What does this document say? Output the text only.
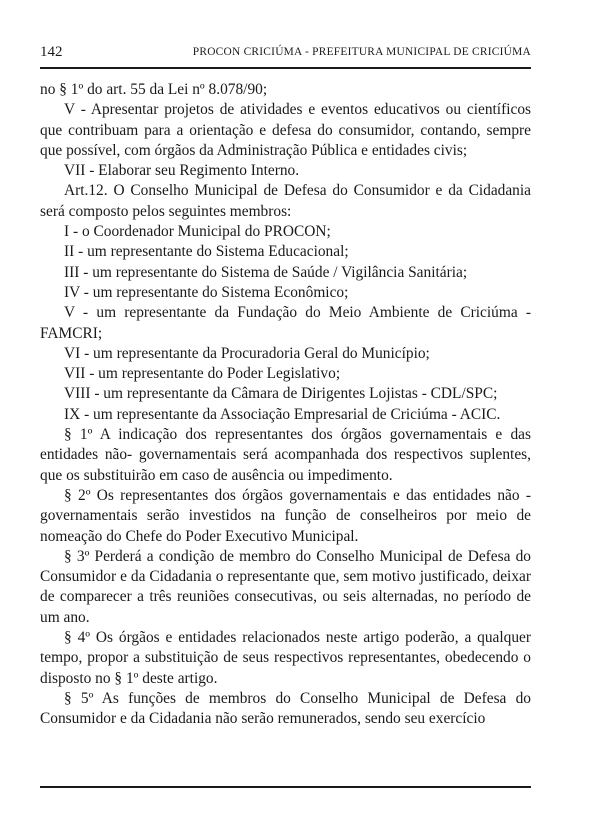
142	PROCON CRICIÚMA - PREFEITURA MUNICIPAL DE CRICIÚMA

no § 1º do art. 55 da Lei nº 8.078/90;

V - Apresentar projetos de atividades e eventos educativos ou científicos que contribuam para a orientação e defesa do consumidor, contando, sempre que possível, com órgãos da Administração Pública e entidades civis;

VII - Elaborar seu Regimento Interno.

Art.12. O Conselho Municipal de Defesa do Consumidor e da Cidadania será composto pelos seguintes membros:

I - o Coordenador Municipal do PROCON;

II - um representante do Sistema Educacional;

III - um representante do Sistema de Saúde / Vigilância Sanitária;

IV - um representante do Sistema Econômico;

V - um representante da Fundação do Meio Ambiente de Criciúma - FAMCRI;

VI - um representante da Procuradoria Geral do Município;

VII - um representante do Poder Legislativo;

VIII - um representante da Câmara de Dirigentes Lojistas - CDL/SPC;

IX - um representante da Associação Empresarial de Criciúma - ACIC.

§ 1º A indicação dos representantes dos órgãos governamentais e das entidades não- governamentais será acompanhada dos respectivos suplentes, que os substituirão em caso de ausência ou impedimento.

§ 2º Os representantes dos órgãos governamentais e das entidades não -governamentais serão investidos na função de conselheiros por meio de nomeação do Chefe do Poder Executivo Municipal.

§ 3º Perderá a condição de membro do Conselho Municipal de Defesa do Consumidor e da Cidadania o representante que, sem motivo justificado, deixar de comparecer a três reuniões consecutivas, ou seis alternadas, no período de um ano.

§ 4º Os órgãos e entidades relacionados neste artigo poderão, a qualquer tempo, propor a substituição de seus respectivos representantes, obedecendo o disposto no § 1º deste artigo.

§ 5º As funções de membros do Conselho Municipal de Defesa do Consumidor e da Cidadania não serão remunerados, sendo seu exercício
